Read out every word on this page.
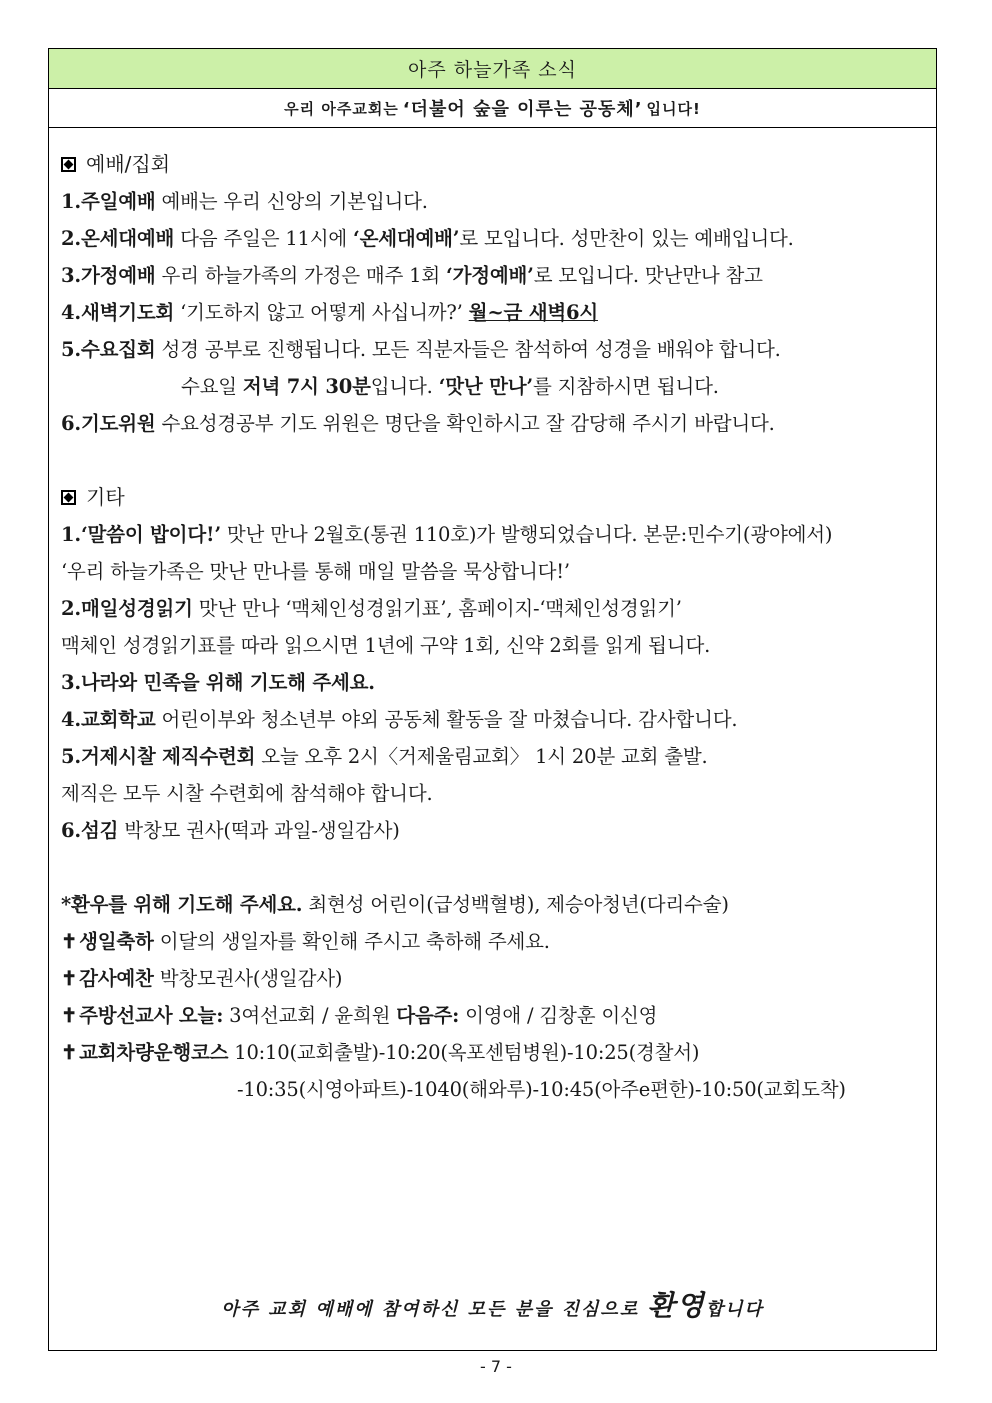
아주 하늘가족 소식
우리 아주교회는 ‘더불어 숲을 이루는 공동체’ 입니다!
예배/집회
1.주일예배 예배는 우리 신앙의 기본입니다.
2.온세대예배 다음 주일은 11시에 ‘온세대예배’로 모입니다. 성만찬이 있는 예배입니다.
3.가정예배 우리 하늘가족의 가정은 매주 1회 ‘가정예배’로 모입니다. 맛난만나 참고
4.새벽기도회 ‘기도하지 않고 어떻게 사십니까?’ 월~금 새벽6시
5.수요집회 성경 공부로 진행됩니다. 모든 직분자들은 참석하여 성경을 배워야 합니다.
수요일 저녁 7시 30분입니다. ‘맛난 만나’를 지참하시면 됩니다.
6.기도위원 수요성경공부 기도 위원은 명단을 확인하시고 잘 감당해 주시기 바랍니다.
기타
1.‘말씀이 밥이다!’ 맛난 만나 2월호(통권 110호)가 발행되었습니다. 본문:민수기(광야에서)
‘우리 하늘가족은 맛난 만나를 통해 매일 말씀을 묵상합니다!’
2.매일성경읽기 맛난 만나 ‘맥체인성경읽기표’, 홈페이지-‘맥체인성경읽기’
맥체인 성경읽기표를 따라 읽으시면 1년에 구약 1회, 신약 2회를 읽게 됩니다.
3.나라와 민족을 위해 기도해 주세요.
4.교회학교 어린이부와 청소년부 야외 공동체 활동을 잘 마쳤습니다. 감사합니다.
5.거제시찰 제직수련회 오늘 오후 2시〈거제울림교회〉 1시 20분 교회 출발.
제직은 모두 시찰 수련회에 참석해야 합니다.
6.섬김 박창모 권사(떡과 과일-생일감사)
*환우를 위해 기도해 주세요. 최현성 어린이(급성백혈병), 제승아청년(다리수술)
✝ 생일축하 이달의 생일자를 확인해 주시고 축하해 주세요.
✝ 감사예찬 박창모권사(생일감사)
✝ 주방선교사 오늘: 3여선교회 / 윤희원 다음주: 이영애 / 김창훈 이신영
✝ 교회차량운행코스 10:10(교회출발)-10:20(옥포센텀병원)-10:25(경찰서)
-10:35(시영아파트)-1040(해와루)-10:45(아주e편한)-10:50(교회도착)
아주 교회 예배에 참여하신 모든 분을 진심으로 환영합니다
- 7 -
